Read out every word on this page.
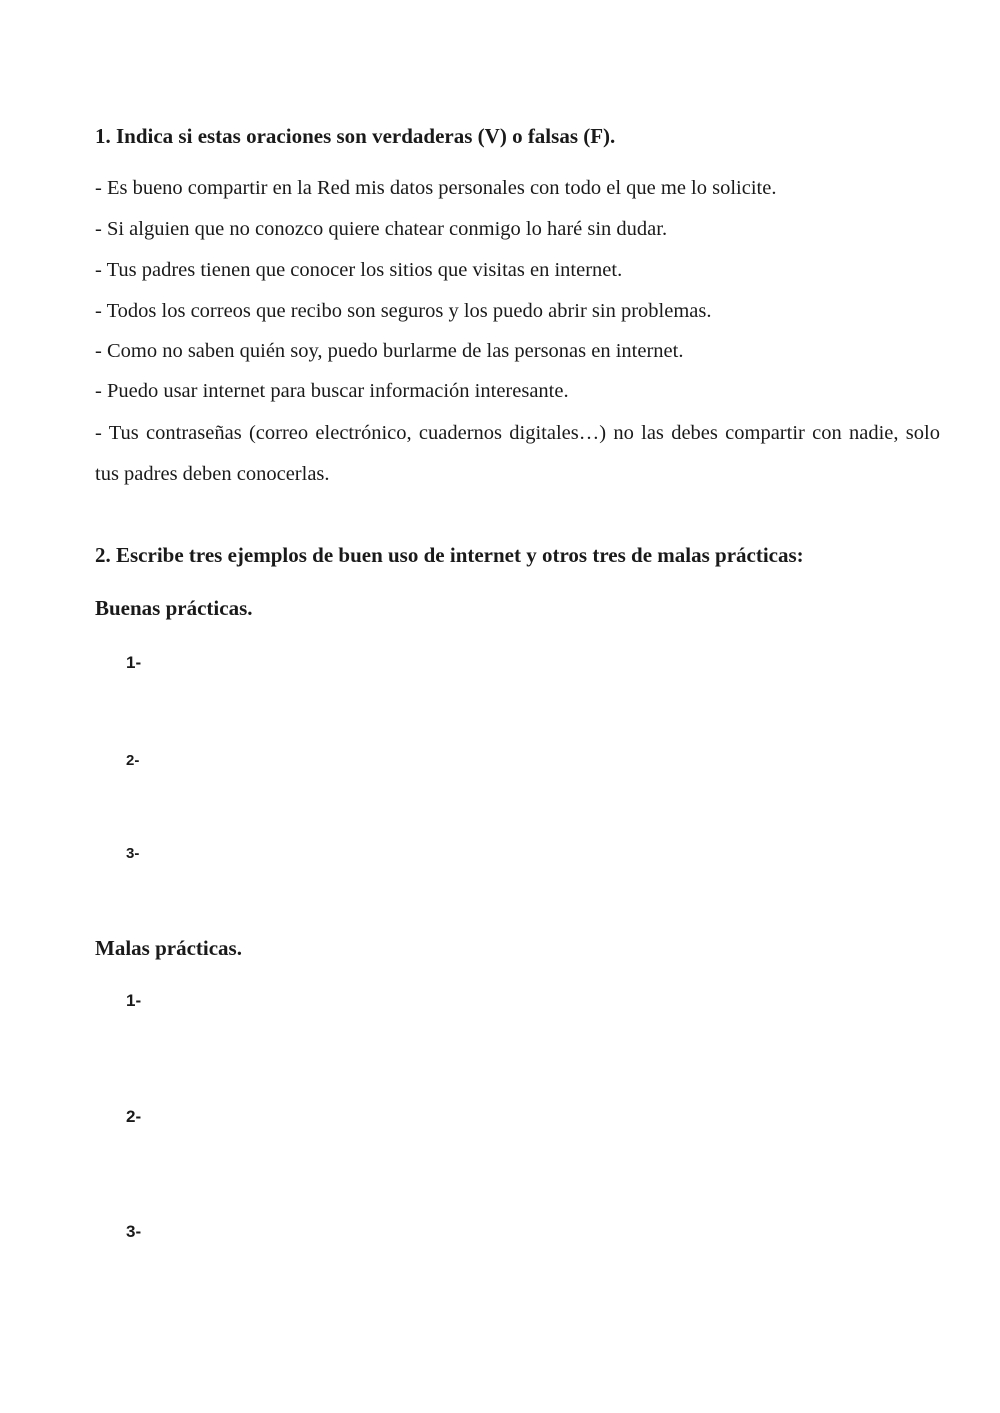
1. Indica si estas oraciones son verdaderas (V) o falsas (F).
- Es bueno compartir en la Red mis datos personales con todo el que me lo solicite.
- Si alguien que no conozco quiere chatear conmigo lo haré sin dudar.
- Tus padres tienen que conocer los sitios que visitas en internet.
- Todos los correos que recibo son seguros y los puedo abrir sin problemas.
- Como no saben quién soy, puedo burlarme de las personas en internet.
- Puedo usar internet para buscar información interesante.
- Tus contraseñas (correo electrónico, cuadernos digitales…) no las debes compartir con nadie, solo tus padres deben conocerlas.
2. Escribe tres ejemplos de buen uso de internet y otros tres de malas prácticas:
Buenas prácticas.
1-
2-
3-
Malas prácticas.
1-
2-
3-
